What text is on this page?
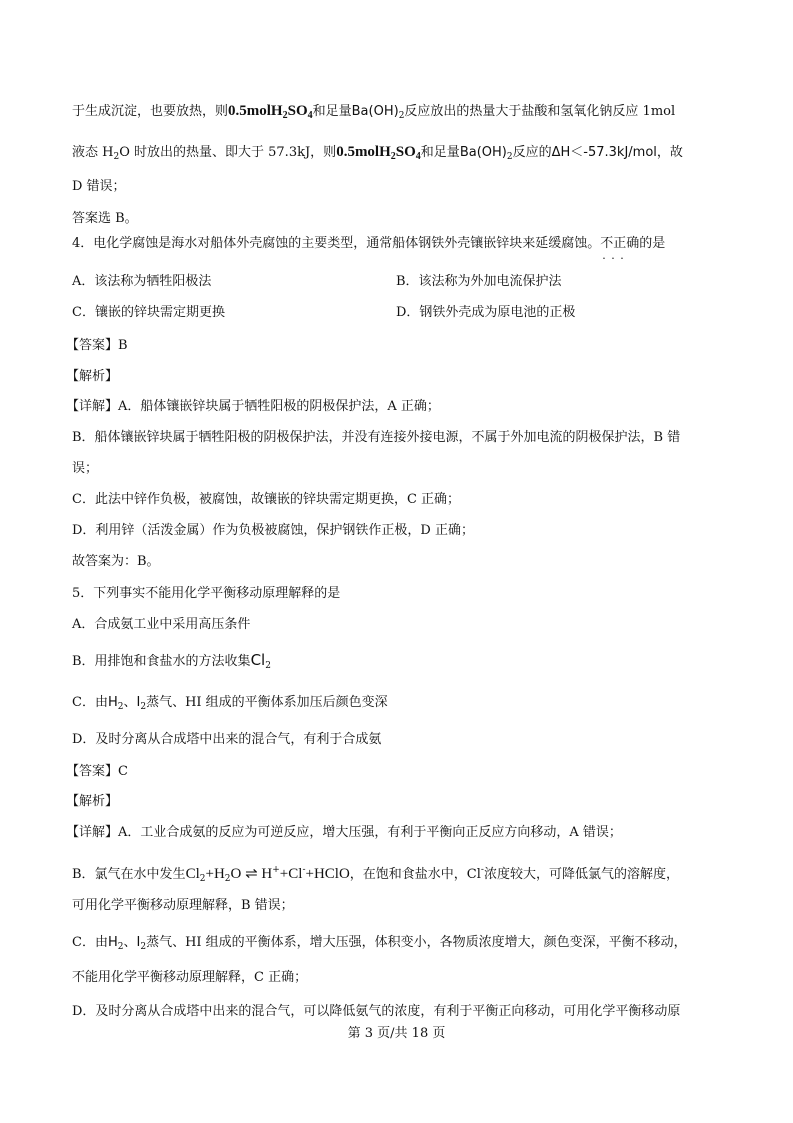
于生成沉淀，也要放热，则$0.5molH_2SO_4$和足量$Ba(OH)_2$反应放出的热量大于盐酸和氢氧化钠反应 1mol
液态 $H_2O$ 时放出的热量、即大于 57.3kJ，则$0.5molH_2SO_4$和足量$Ba(OH)_2$反应的ΔH＜-57.3kJ/mol，故
D 错误；
答案选 B。
4．电化学腐蚀是海水对船体外壳腐蚀的主要类型，通常船体钢铁外壳镶嵌锌块来延缓腐蚀。不正确 · · ·的是
A．该法称为牺牲阳极法	B．该法称为外加电流保护法
C．镶嵌的锌块需定期更换	D．钢铁外壳成为原电池的正极
【答案】B
【解析】
【详解】A．船体镶嵌锌块属于牺牲阳极的阴极保护法，A 正确；
B．船体镶嵌锌块属于牺牲阳极的阴极保护法，并没有连接外接电源，不属于外加电流的阴极保护法，B 错
误；
C．此法中锌作负极，被腐蚀，故镶嵌的锌块需定期更换，C 正确；
D．利用锌（活泼金属）作为负极被腐蚀，保护钢铁作正极，D 正确；
故答案为：B。
5．下列事实不能用化学平衡移动原理解释的是
A．合成氨工业中采用高压条件
B．用排饱和食盐水的方法收集$Cl_2$
C．由$H_2$、$I_2$蒸气、HI 组成的平衡体系加压后颜色变深
D．及时分离从合成塔中出来的混合气，有利于合成氨
【答案】C
【解析】
【详解】A．工业合成氨的反应为可逆反应，增大压强，有利于平衡向正反应方向移动，A 错误；
B．氯气在水中发生$Cl_2+H_2O$ ⇌ H++Cl-+HClO，在饱和食盐水中，Cl-浓度较大，可降低氯气的溶解度，
可用化学平衡移动原理解释，B 错误；
C．由$H_2$、$I_2$蒸气、HI 组成的平衡体系，增大压强，体积变小，各物质浓度增大，颜色变深，平衡不移动，
不能用化学平衡移动原理解释，C 正确；
D．及时分离从合成塔中出来的混合气，可以降低氨气的浓度，有利于平衡正向移动，可用化学平衡移动原
第 3 页/共 18 页
